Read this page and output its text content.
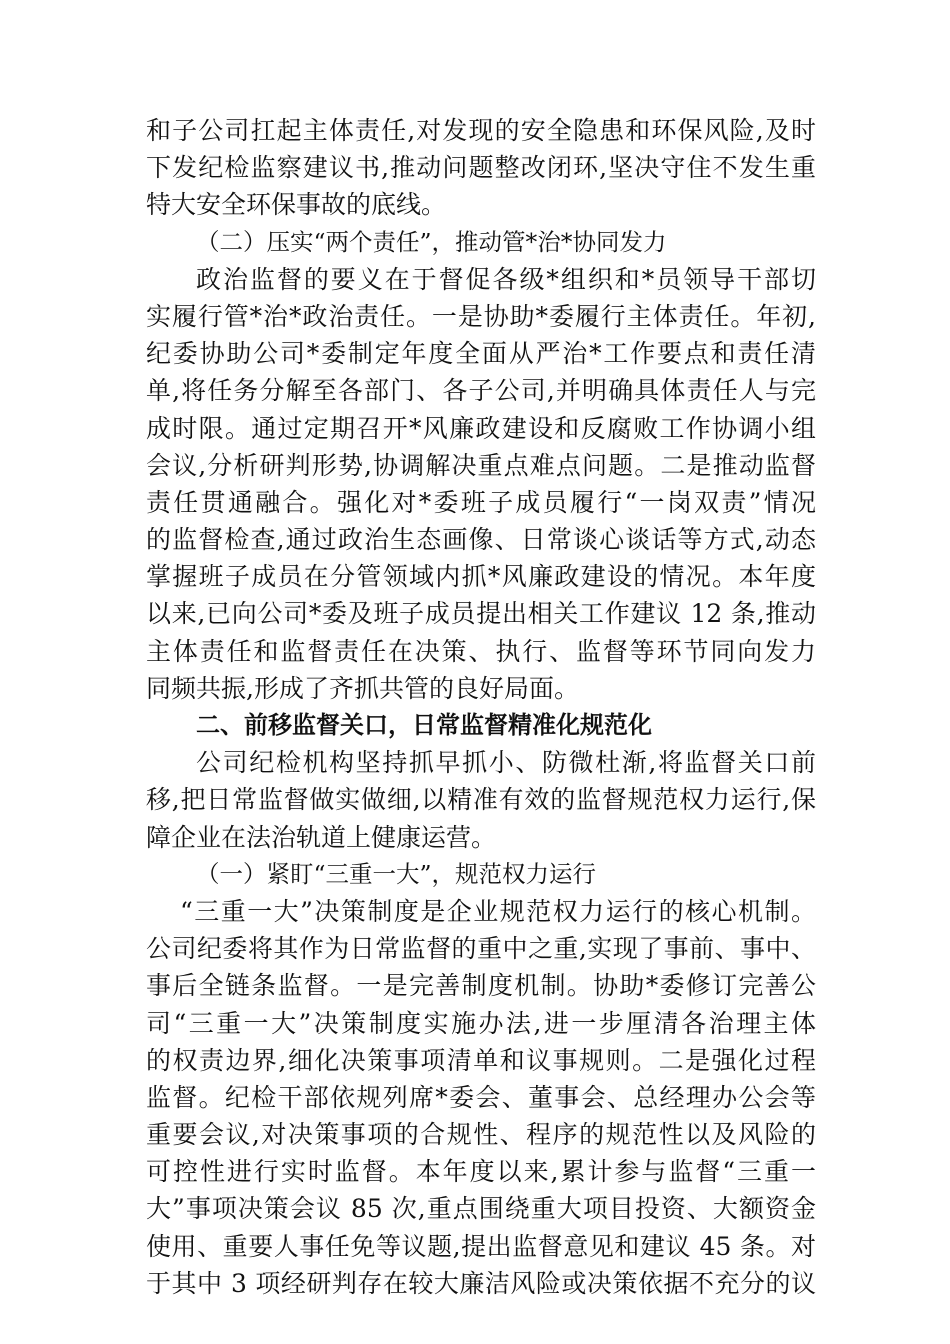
和子公司扛起主体责任,对发现的安全隐患和环保风险,及时
下发纪检监察建议书,推动问题整改闭环,坚决守住不发生重
特大安全环保事故的底线。
（二）压实“两个责任”，推动管*治*协同发力
政治监督的要义在于督促各级*组织和*员领导干部切
实履行管*治*政治责任。一是协助*委履行主体责任。年初,
纪委协助公司*委制定年度全面从严治*工作要点和责任清
单,将任务分解至各部门、各子公司,并明确具体责任人与完
成时限。通过定期召开*风廉政建设和反腐败工作协调小组
会议,分析研判形势,协调解决重点难点问题。二是推动监督
责任贯通融合。强化对*委班子成员履行“一岗双责”情况
的监督检查,通过政治生态画像、日常谈心谈话等方式,动态
掌握班子成员在分管领域内抓*风廉政建设的情况。本年度
以来,已向公司*委及班子成员提出相关工作建议 12 条,推动
主体责任和监督责任在决策、执行、监督等环节同向发力
同频共振,形成了齐抓共管的良好局面。
二、前移监督关口，日常监督精准化规范化
公司纪检机构坚持抓早抓小、防微杜渐,将监督关口前
移,把日常监督做实做细,以精准有效的监督规范权力运行,保
障企业在法治轨道上健康运营。
（一）紧盯“三重一大”，规范权力运行
“三重一大”决策制度是企业规范权力运行的核心机制。
公司纪委将其作为日常监督的重中之重,实现了事前、事中、
事后全链条监督。一是完善制度机制。协助*委修订完善公
司“三重一大”决策制度实施办法,进一步厘清各治理主体
的权责边界,细化决策事项清单和议事规则。二是强化过程
监督。纪检干部依规列席*委会、董事会、总经理办公会等
重要会议,对决策事项的合规性、程序的规范性以及风险的
可控性进行实时监督。本年度以来,累计参与监督“三重一
大”事项决策会议 85 次,重点围绕重大项目投资、大额资金
使用、重要人事任免等议题,提出监督意见和建议 45 条。对
于其中 3 项经研判存在较大廉洁风险或决策依据不充分的议
